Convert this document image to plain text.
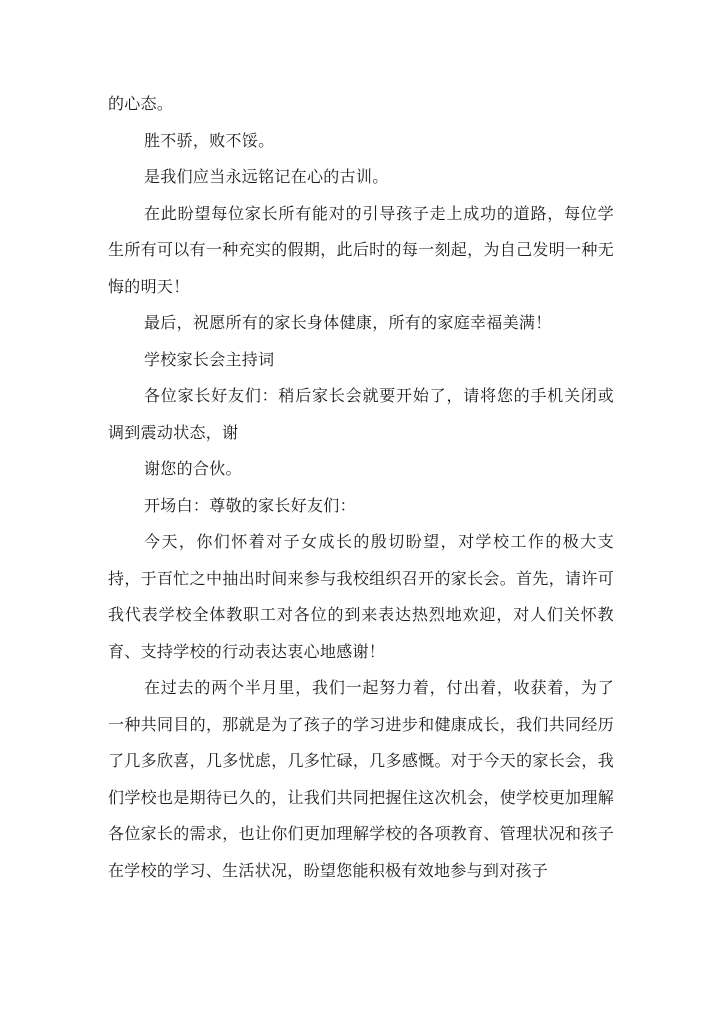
的心态。

胜不骄，败不馁。

是我们应当永远铭记在心的古训。

在此盼望每位家长所有能对的引导孩子走上成功的道路，每位学生所有可以有一种充实的假期，此后时的每一刻起，为自己发明一种无悔的明天！

最后，祝愿所有的家长身体健康，所有的家庭幸福美满！

学校家长会主持词

各位家长好友们：稍后家长会就要开始了，请将您的手机关闭或调到震动状态，谢

谢您的合伙。

开场白：尊敬的家长好友们：

今天，你们怀着对子女成长的殷切盼望，对学校工作的极大支持，于百忙之中抽出时间来参与我校组织召开的家长会。首先，请许可我代表学校全体教职工对各位的到来表达热烈地欢迎，对人们关怀教育、支持学校的行动表达衷心地感谢！

在过去的两个半月里，我们一起努力着，付出着，收获着，为了一种共同目的，那就是为了孩子的学习进步和健康成长，我们共同经历了几多欣喜，几多忧虑，几多忙碌，几多感慨。对于今天的家长会，我们学校也是期待已久的，让我们共同把握住这次机会，使学校更加理解各位家长的需求，也让你们更加理解学校的各项教育、管理状况和孩子在学校的学习、生活状况，盼望您能积极有效地参与到对孩子
